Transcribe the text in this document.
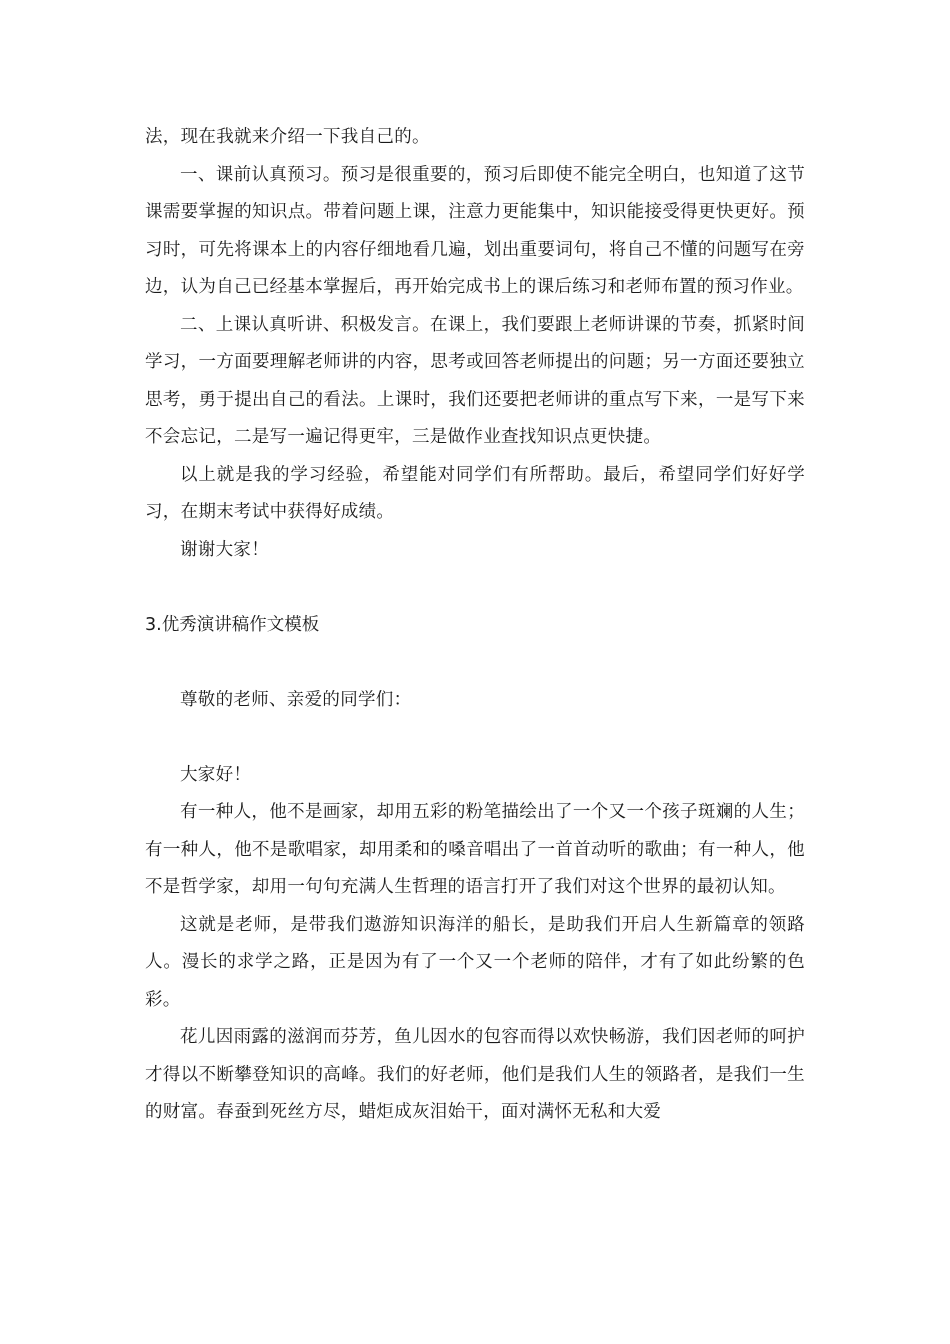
法，现在我就来介绍一下我自己的。

一、课前认真预习。预习是很重要的，预习后即使不能完全明白，也知道了这节课需要掌握的知识点。带着问题上课，注意力更能集中，知识能接受得更快更好。预习时，可先将课本上的内容仔细地看几遍，划出重要词句，将自己不懂的问题写在旁边，认为自己已经基本掌握后，再开始完成书上的课后练习和老师布置的预习作业。

二、上课认真听讲、积极发言。在课上，我们要跟上老师讲课的节奏，抓紧时间学习，一方面要理解老师讲的内容，思考或回答老师提出的问题；另一方面还要独立思考，勇于提出自己的看法。上课时，我们还要把老师讲的重点写下来，一是写下来不会忘记，二是写一遍记得更牢，三是做作业查找知识点更快捷。

以上就是我的学习经验，希望能对同学们有所帮助。最后，希望同学们好好学习，在期末考试中获得好成绩。

谢谢大家！

3.优秀演讲稿作文模板

尊敬的老师、亲爱的同学们：

大家好！

有一种人，他不是画家，却用五彩的粉笔描绘出了一个又一个孩子斑斓的人生；有一种人，他不是歌唱家，却用柔和的嗓音唱出了一首首动听的歌曲；有一种人，他不是哲学家，却用一句句充满人生哲理的语言打开了我们对这个世界的最初认知。

这就是老师，是带我们遨游知识海洋的船长，是助我们开启人生新篇章的领路人。漫长的求学之路，正是因为有了一个又一个老师的陪伴，才有了如此纷繁的色彩。

花儿因雨露的滋润而芬芳，鱼儿因水的包容而得以欢快畅游，我们因老师的呵护才得以不断攀登知识的高峰。我们的好老师，他们是我们人生的领路者，是我们一生的财富。春蚕到死丝方尽，蜡炬成灰泪始干，面对满怀无私和大爱
